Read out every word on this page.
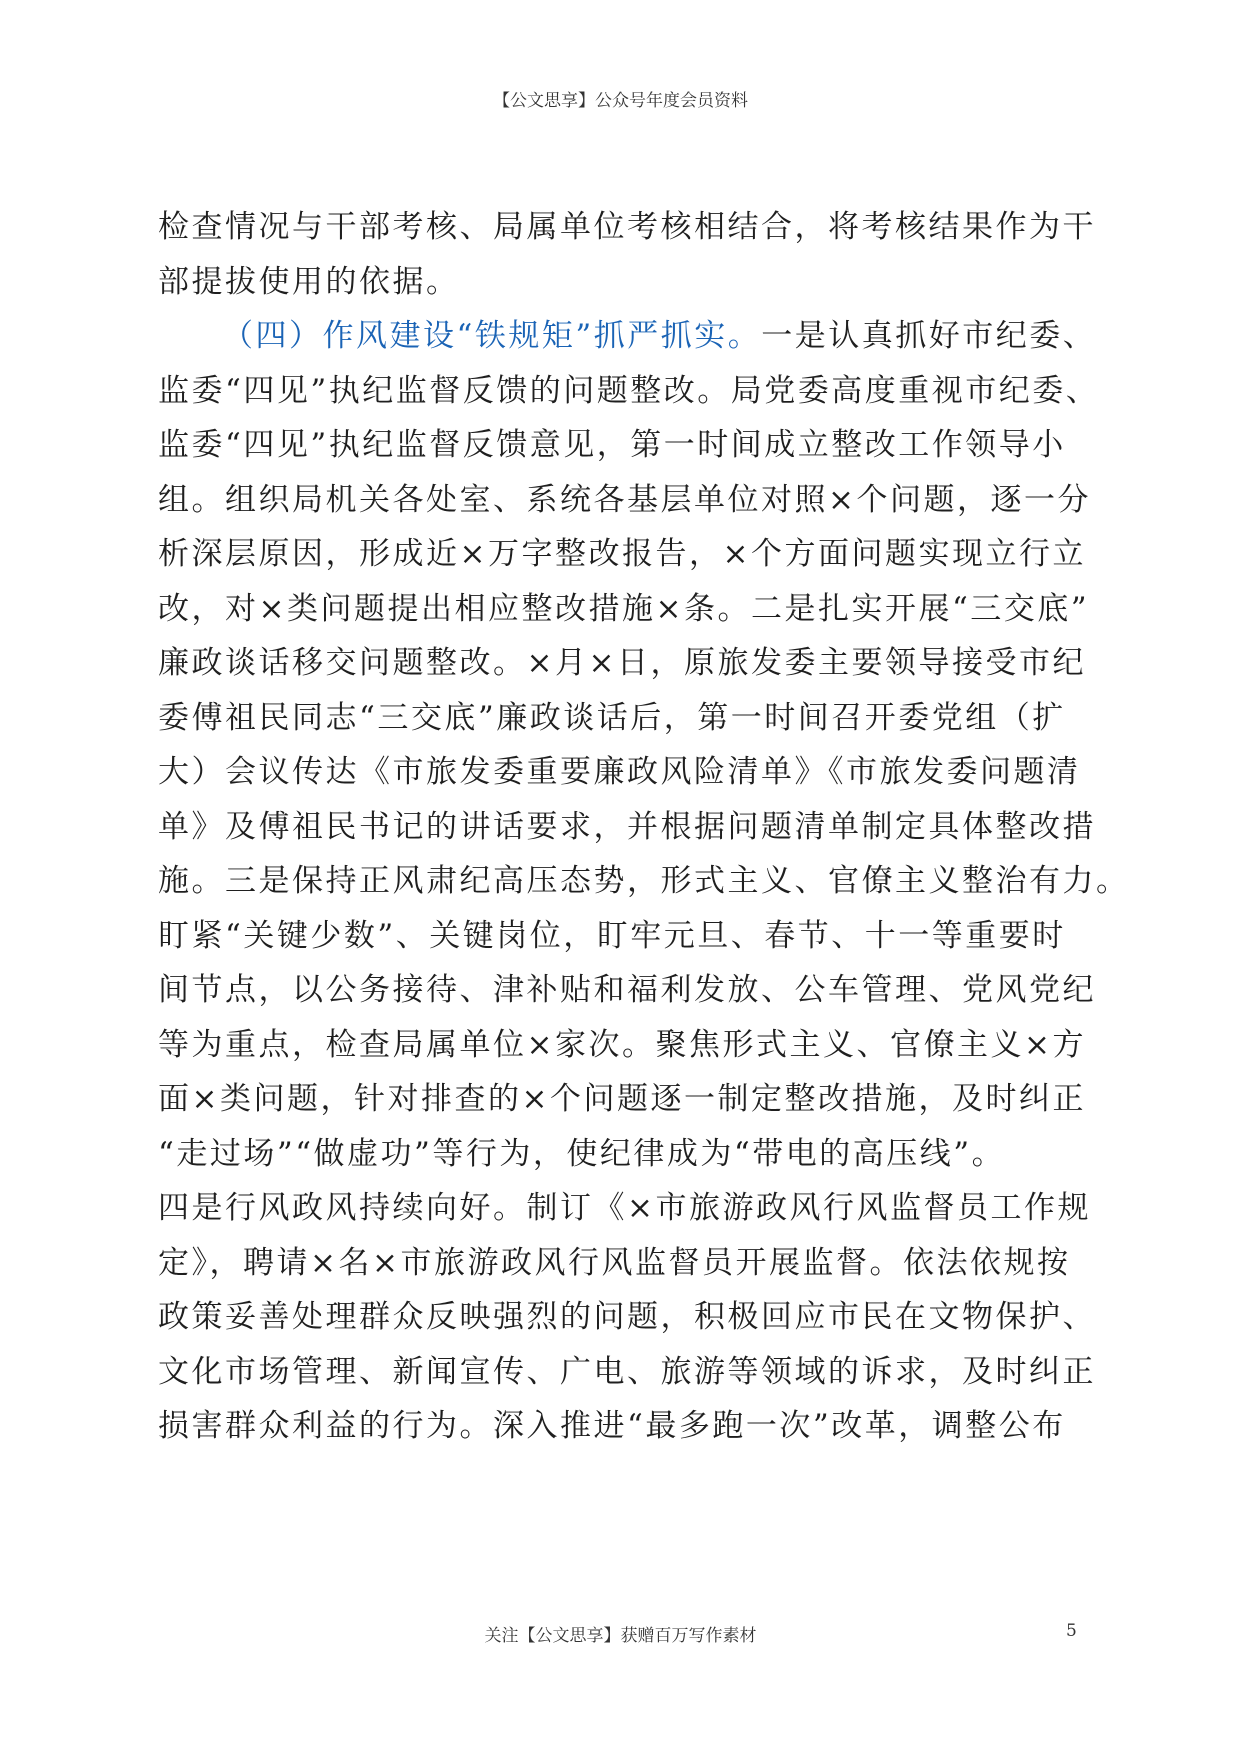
【公文思享】公众号年度会员资料
检查情况与干部考核、局属单位考核相结合，将考核结果作为干
部提拔使用的依据。
（四）作风建设“铁规矩”抓严抓实。一是认真抓好市纪委、
监委“四见”执纪监督反馈的问题整改。局党委高度重视市纪委、
监委“四见”执纪监督反馈意见，第一时间成立整改工作领导小
组。组织局机关各处室、系统各基层单位对照×个问题，逐一分
析深层原因，形成近×万字整改报告，×个方面问题实现立行立
改，对×类问题提出相应整改措施×条。二是扎实开展“三交底”
廉政谈话移交问题整改。×月×日，原旅发委主要领导接受市纪
委傅祖民同志“三交底”廉政谈话后，第一时间召开委党组（扩
大）会议传达《市旅发委重要廉政风险清单》《市旅发委问题清
单》及傅祖民书记的讲话要求，并根据问题清单制定具体整改措
施。三是保持正风肃纪高压态势，形式主义、官僚主义整治有力。
盯紧“关键少数”、关键岗位，盯牢元旦、春节、十一等重要时
间节点，以公务接待、津补贴和福利发放、公车管理、党风党纪
等为重点，检查局属单位×家次。聚焦形式主义、官僚主义×方
面×类问题，针对排查的×个问题逐一制定整改措施，及时纠正
“走过场”“做虚功”等行为，使纪律成为“带电的高压线”。
四是行风政风持续向好。制订《×市旅游政风行风监督员工作规
定》，聘请×名×市旅游政风行风监督员开展监督。依法依规按
政策妥善处理群众反映强烈的问题，积极回应市民在文物保护、
文化市场管理、新闻宣传、广电、旅游等领域的诉求，及时纠正
损害群众利益的行为。深入推进“最多跑一次”改革，调整公布
关注【公文思享】获赠百万写作素材	5
